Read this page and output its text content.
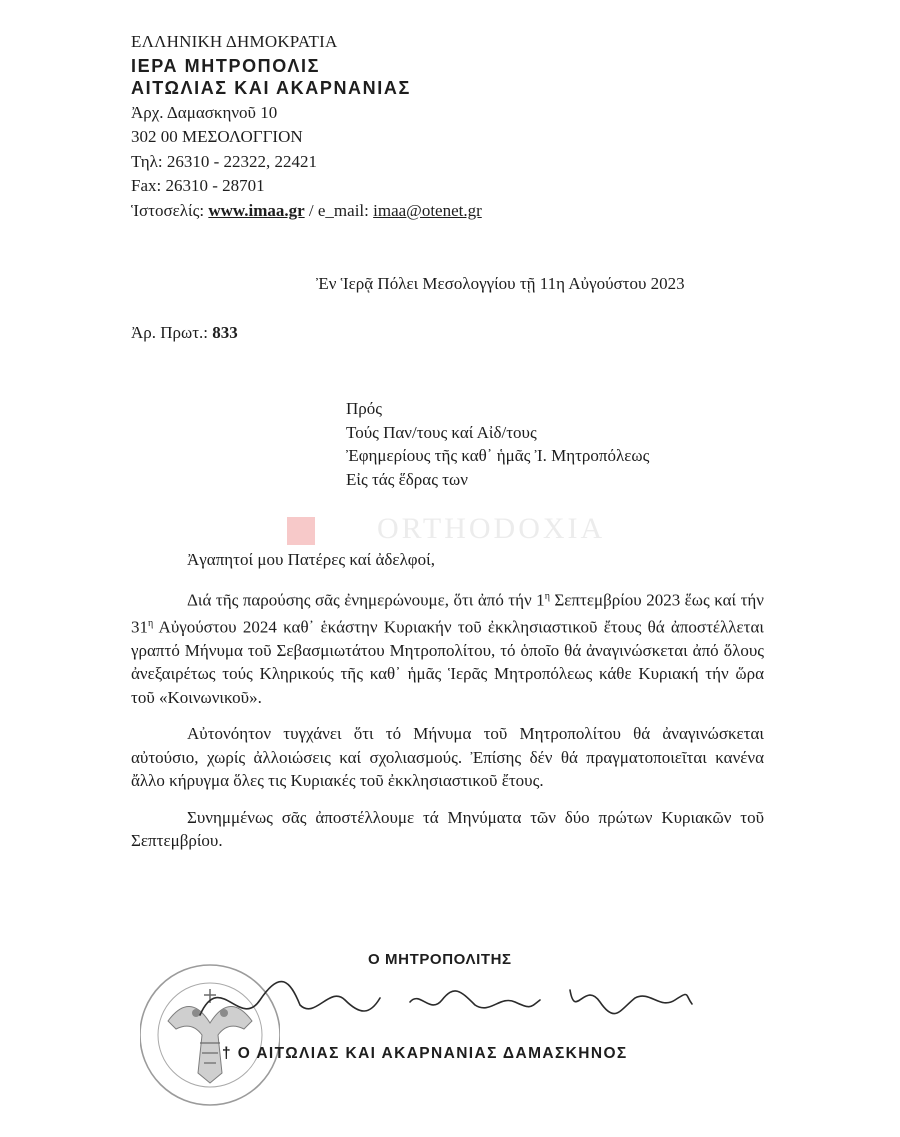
ΕΛΛΗΝΙΚΗ ΔΗΜΟΚΡΑΤΙΑ
ΙΕΡΑ ΜΗΤΡΟΠΟΛΙΣ
ΑΙΤΩΛΙΑΣ ΚΑΙ ΑΚΑΡΝΑΝΙΑΣ
Ἀρχ. Δαμασκηνοῦ 10
302 00 ΜΕΣΟΛΟΓΓΙΟΝ
Τηλ: 26310 - 22322, 22421
Fax: 26310 - 28701
Ἱστοσελίς: www.imaa.gr / e_mail: imaa@otenet.gr
Ἐν Ἱερᾷ Πόλει Μεσολογγίου τῇ 11η Αὐγούστου 2023
Ἀρ. Πρωτ.: 833
Πρός
Τούς Παν/τους καί Αἰδ/τους
Ἐφημερίους τῆς καθ᾿ ἡμᾶς Ἰ. Μητροπόλεως
Εἰς τάς ἕδρας των
ORTHODOXIA
Ἀγαπητοί μου Πατέρες καί ἀδελφοί,

Διά τῆς παρούσης σᾶς ἐνημερώνουμε, ὅτι ἀπό τήν $1^\eta$ Σεπτεμβρίου 2023 ἕως καί τήν $31^\eta$ Αὐγούστου 2024 καθ᾿ ἑκάστην Κυριακήν τοῦ ἐκκλησιαστικοῦ ἔτους θά ἀποστέλλεται γραπτό Μήνυμα τοῦ Σεβασμιωτάτου Μητροπολίτου, τό ὁποῖο θά ἀναγινώσκεται ἀπό ὅλους ἀνεξαιρέτως τούς Κληρικούς τῆς καθ᾿ ἡμᾶς Ἱερᾶς Μητροπόλεως κάθε Κυριακή τήν ὥρα τοῦ «Κοινωνικοῦ».

Αὐτονόητον τυγχάνει ὅτι τό Μήνυμα τοῦ Μητροπολίτου θά ἀναγινώσκεται αὐτούσιο, χωρίς ἀλλοιώσεις καί σχολιασμούς. Ἐπίσης δέν θά πραγματοποιεῖται κανένα ἄλλο κήρυγμα ὅλες τις Κυριακές τοῦ ἐκκλησιαστικοῦ ἔτους.

Συνημμένως σᾶς ἀποστέλλουμε τά Μηνύματα τῶν δύο πρώτων Κυριακῶν τοῦ Σεπτεμβρίου.

Ο ΜΗΤΡΟΠΟΛΙΤΗΣ
† Ο ΑΙΤΩΛΙΑΣ ΚΑΙ ΑΚΑΡΝΑΝΙΑΣ ΔΑΜΑΣΚΗΝΟΣ
